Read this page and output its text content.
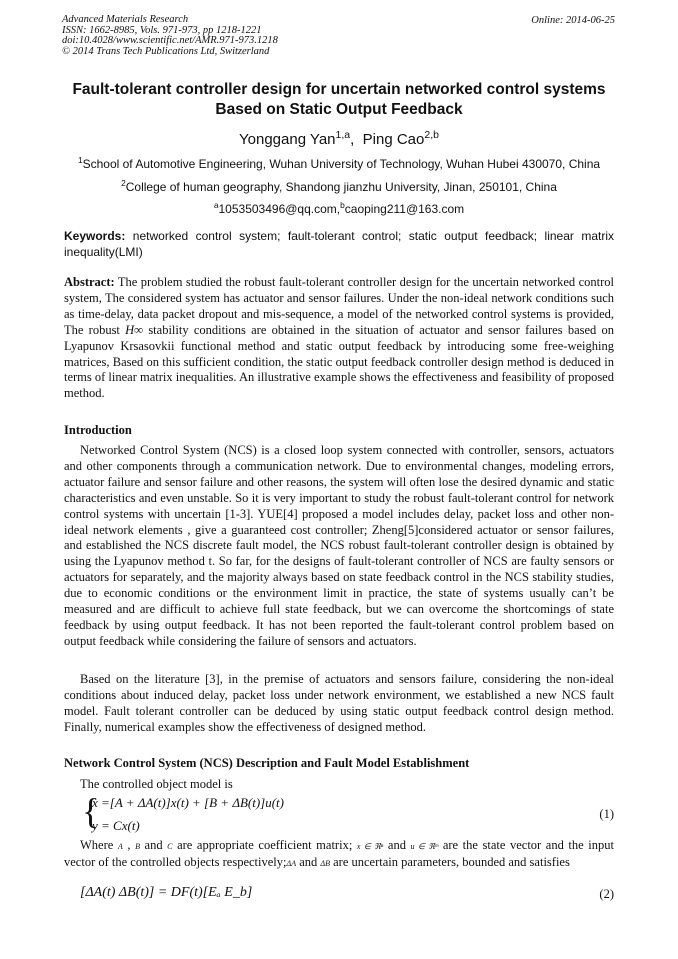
Advanced Materials Research
ISSN: 1662-8985, Vols. 971-973, pp 1218-1221
doi:10.4028/www.scientific.net/AMR.971-973.1218
© 2014 Trans Tech Publications Ltd, Switzerland
Online: 2014-06-25
Fault-tolerant controller design for uncertain networked control systems
Based on Static Output Feedback
Yonggang Yan$^{1,a}$,  Ping Cao$^{2,b}$
$^1$School of Automotive Engineering, Wuhan University of Technology, Wuhan Hubei 430070, China
$^2$College of human geography, Shandong jianzhu University, Jinan, 250101, China
$^a$1053503496@qq.com,$^b$caoping211@163.com
Keywords: networked control system; fault-tolerant control; static output feedback; linear matrix inequality(LMI)
Abstract: The problem studied the robust fault-tolerant controller design for the uncertain networked control system, The considered system has actuator and sensor failures. Under the non-ideal network conditions such as time-delay, data packet dropout and mis-sequence, a model of the networked control systems is provided, The robust H∞ stability conditions are obtained in the situation of actuator and sensor failures based on Lyapunov Krsasovkii functional method and static output feedback by introducing some free-weighing matrices, Based on this sufficient condition, the static output feedback controller design method is deduced in terms of linear matrix inequalities. An illustrative example shows the effectiveness and feasibility of proposed method.
Introduction
Networked Control System (NCS) is a closed loop system connected with controller, sensors, actuators and other components through a communication network. Due to environmental changes, modeling errors, actuator failure and sensor failure and other reasons, the system will often lose the desired dynamic and static characteristics and even unstable. So it is very important to study the robust fault-tolerant control for network control systems with uncertain [1-3]. YUE[4] proposed a model includes delay, packet loss and other non-ideal network elements , give a guaranteed cost controller; Zheng[5]considered actuator or sensor failures, and established the NCS discrete fault model, the NCS robust fault-tolerant controller design is obtained by using the Lyapunov method t. So far, for the designs of fault-tolerant controller of NCS are faulty sensors or actuators for separately, and the majority always based on state feedback control in the NCS stability studies, due to economic conditions or the environment limit in practice, the state of systems usually can’t be measured and are difficult to achieve full state feedback, but we can overcome the shortcomings of state feedback by using output feedback. It has not been reported the fault-tolerant control problem based on output feedback while considering the failure of sensors and actuators.
Based on the literature [3], in the premise of actuators and sensors failure, considering the non-ideal conditions about induced delay, packet loss under network environment, we established a new NCS fault model. Fault tolerant controller can be deduced by using static output feedback control design method. Finally, numerical examples show the effectiveness of designed method.
Network Control System (NCS) Description and Fault Model Establishment
The controlled object model is
{
ẋ =[A + ΔA(t)]x(t) + [B + ΔB(t)]u(t)
y = Cx(t)
(1)
Where A , B and C are appropriate coefficient matrix; x ∈ ℜⁿ and u ∈ ℜᵐ are the state vector and the input vector of the controlled objects respectively;ΔA and ΔB are uncertain parameters, bounded and satisfies
[ΔA(t) ΔB(t)] = DF(t)[Eₐ E_b]	(2)
